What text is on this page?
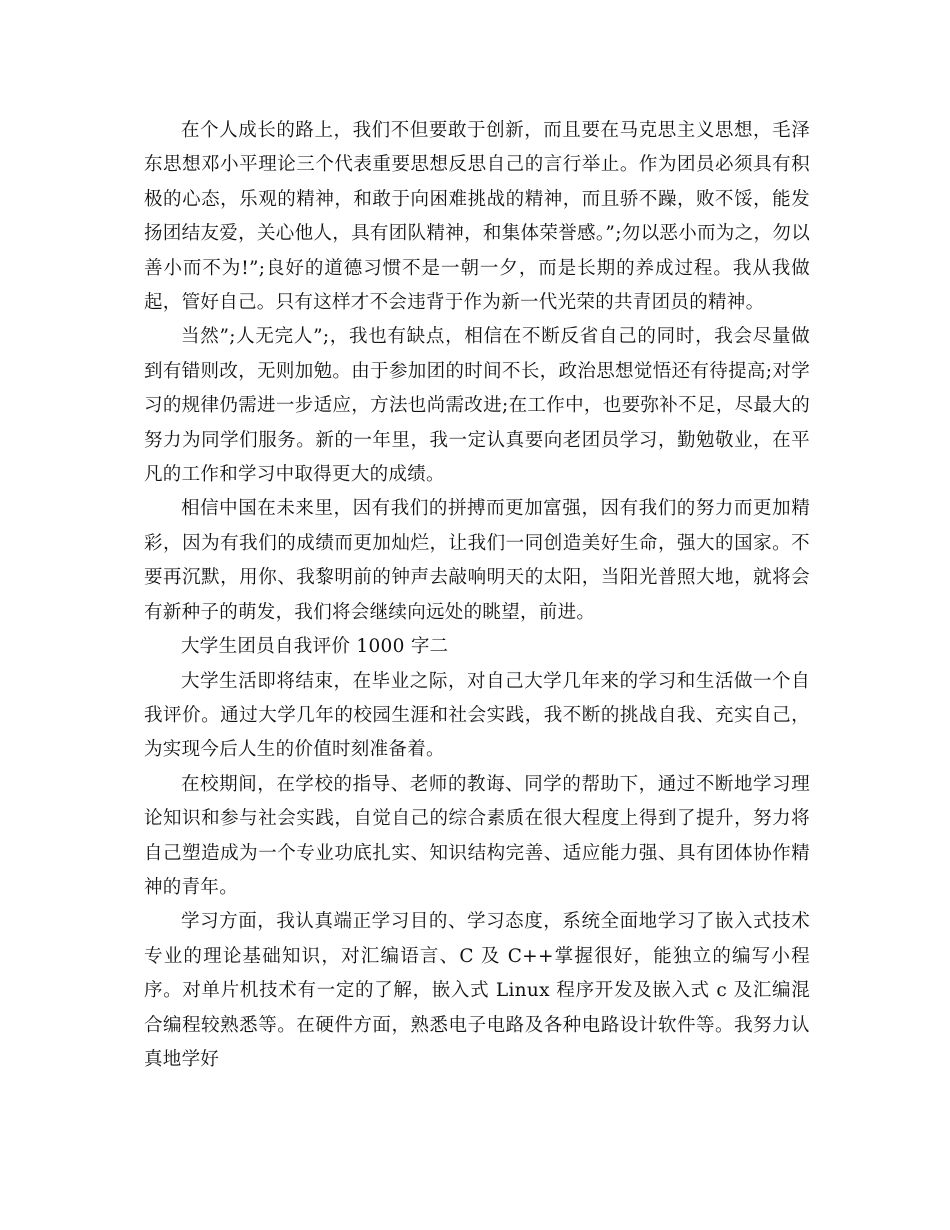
在个人成长的路上，我们不但要敢于创新，而且要在马克思主义思想，毛泽东思想邓小平理论三个代表重要思想反思自己的言行举止。作为团员必须具有积极的心态，乐观的精神，和敢于向困难挑战的精神，而且骄不躁，败不馁，能发扬团结友爱，关心他人，具有团队精神，和集体荣誉感。”;勿以恶小而为之，勿以善小而不为!”;良好的道德习惯不是一朝一夕，而是长期的养成过程。我从我做起，管好自己。只有这样才不会违背于作为新一代光荣的共青团员的精神。

当然”;人无完人”;，我也有缺点，相信在不断反省自己的同时，我会尽量做到有错则改，无则加勉。由于参加团的时间不长，政治思想觉悟还有待提高;对学习的规律仍需进一步适应，方法也尚需改进;在工作中，也要弥补不足，尽最大的努力为同学们服务。新的一年里，我一定认真要向老团员学习，勤勉敬业，在平凡的工作和学习中取得更大的成绩。

相信中国在未来里，因有我们的拼搏而更加富强，因有我们的努力而更加精彩，因为有我们的成绩而更加灿烂，让我们一同创造美好生命，强大的国家。不要再沉默，用你、我黎明前的钟声去敲响明天的太阳，当阳光普照大地，就将会有新种子的萌发，我们将会继续向远处的眺望，前进。

大学生团员自我评价 1000 字二

大学生活即将结束，在毕业之际，对自己大学几年来的学习和生活做一个自我评价。通过大学几年的校园生涯和社会实践，我不断的挑战自我、充实自己，为实现今后人生的价值时刻准备着。

在校期间，在学校的指导、老师的教诲、同学的帮助下，通过不断地学习理论知识和参与社会实践，自觉自己的综合素质在很大程度上得到了提升，努力将自己塑造成为一个专业功底扎实、知识结构完善、适应能力强、具有团体协作精神的青年。

学习方面，我认真端正学习目的、学习态度，系统全面地学习了嵌入式技术专业的理论基础知识，对汇编语言、C 及 C++掌握很好，能独立的编写小程序。对单片机技术有一定的了解，嵌入式 Linux 程序开发及嵌入式 c 及汇编混合编程较熟悉等。在硬件方面，熟悉电子电路及各种电路设计软件等。我努力认真地学好
